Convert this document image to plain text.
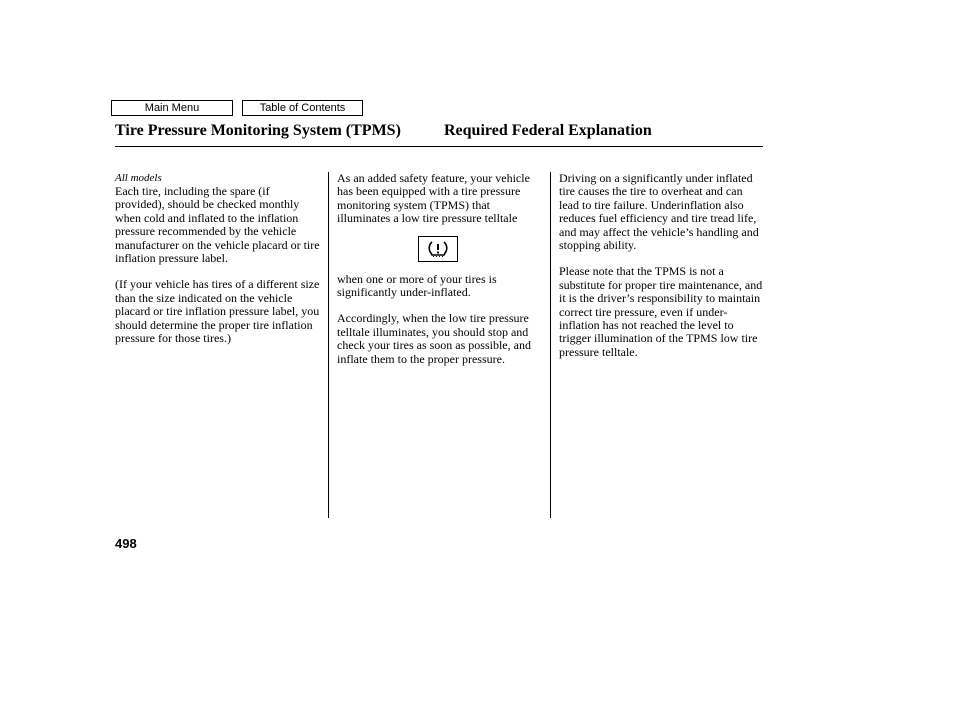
Main Menu	Table of Contents
Tire Pressure Monitoring System (TPMS)	Required Federal Explanation
All models

Each tire, including the spare (if provided), should be checked monthly when cold and inflated to the inflation pressure recommended by the vehicle manufacturer on the vehicle placard or tire inflation pressure label.

(If your vehicle has tires of a different size than the size indicated on the vehicle placard or tire inflation pressure label, you should determine the proper tire inflation pressure for those tires.)

As an added safety feature, your vehicle has been equipped with a tire pressure monitoring system (TPMS) that illuminates a low tire pressure telltale

when one or more of your tires is significantly under-inflated.

Accordingly, when the low tire pressure telltale illuminates, you should stop and check your tires as soon as possible, and inflate them to the proper pressure.

Driving on a significantly under inflated tire causes the tire to overheat and can lead to tire failure. Underinflation also reduces fuel efficiency and tire tread life, and may affect the vehicle’s handling and stopping ability.

Please note that the TPMS is not a substitute for proper tire maintenance, and it is the driver’s responsibility to maintain correct tire pressure, even if under-inflation has not reached the level to trigger illumination of the TPMS low tire pressure telltale.

498
